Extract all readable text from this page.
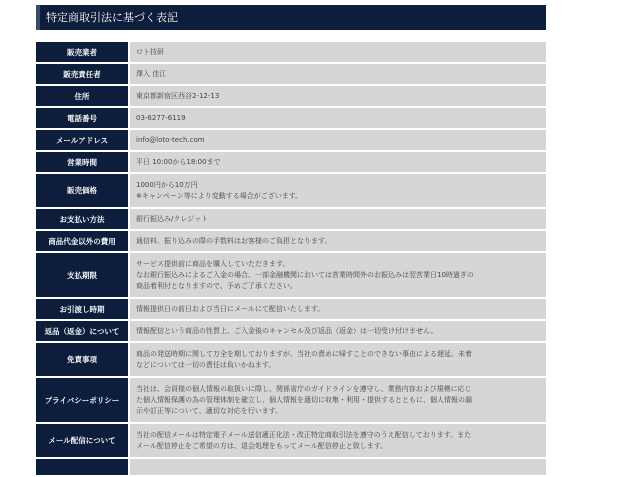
特定商取引法に基づく表記
販売業者	ロト技研

販売責任者	澤入 佳江

住所	東京都新宿区西谷2-12-13

電話番号	03-6277-6119

メールアドレス	info@loto-tech.com

営業時間	平日 10:00から18:00まで

販売価格	1000円から10万円
※キャンペーン等により変動する場合がございます。

お支払い方法	銀行振込み/クレジット

商品代金以外の費用	通信料、振り込みの際の手数料はお客様のご負担となります。

支払期限	サービス提供前に商品を購入していただきます。
なお銀行振込みによるご入金の場合、一部金融機関においては営業時間外のお振込みは翌営業日10時過ぎの
商品着利付となりますので、予めご了承ください。

お引渡し時期	情報提供日の前日および当日にメールにて配信いたします。

返品（返金）について	情報配信という商品の性質上、ご入金後のキャンセル及び返品（返金）は一切受け付けません。

免責事項	商品の発送時期に関して万全を期しておりますが、当社の責めに帰すことのできない事由による遅延、未着
などについては一切の責任は負いかねます。

プライバシーポリシー	当社は、会員様の個人情報の取扱いに際し、関係省庁のガイドラインを遵守し、業務内容および規模に応じ
た個人情報保護の為の管理体制を確立し、個人情報を適切に収集・利用・提供するとともに、個人情報の漏
示や訂正等について、適切な対応を行います。

メール配信について	当社の配信メールは特定電子メール送信適正化法・改正特定商取引法を遵守のうえ配信しております。また
メール配信停止をご希望の方は、退会処理をもってメール配信停止と致します。
